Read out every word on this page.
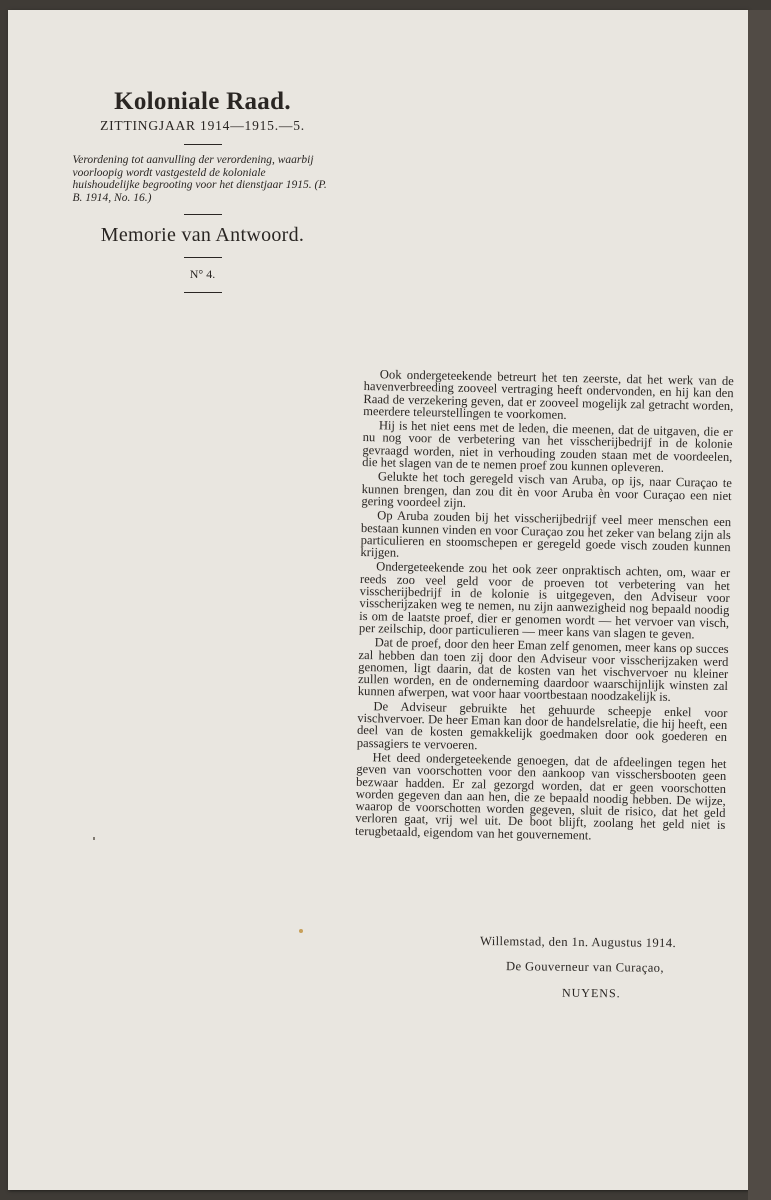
Koloniale Raad.
ZITTINGJAAR 1914—1915.—5.
Verordening tot aanvulling der verordening, waarbij voorloopig wordt vastgesteld de koloniale huishoudelijke begrooting voor het dienstjaar 1915. (P. B. 1914, No. 16.)
Memorie van Antwoord.
N° 4.

Ook ondergeteekende betreurt het ten zeerste, dat het werk van de havenverbreeding zooveel vertraging heeft ondervonden, en hij kan den Raad de verzekering geven, dat er zooveel mogelijk zal getracht worden, meerdere teleurstellingen te voorkomen.

Hij is het niet eens met de leden, die meenen, dat de uitgaven, die er nu nog voor de verbetering van het visscherijbedrijf in de kolonie gevraagd worden, niet in verhouding zouden staan met de voordeelen, die het slagen van de te nemen proef zou kunnen opleveren.

Gelukte het toch geregeld visch van Aruba, op ijs, naar Curaçao te kunnen brengen, dan zou dit èn voor Aruba èn voor Curaçao een niet gering voordeel zijn.

Op Aruba zouden bij het visscherijbedrijf veel meer menschen een bestaan kunnen vinden en voor Curaçao zou het zeker van belang zijn als particulieren en stoomschepen er geregeld goede visch zouden kunnen krijgen.

Ondergeteekende zou het ook zeer onpraktisch achten, om, waar er reeds zoo veel geld voor de proeven tot verbetering van het visscherijbedrijf in de kolonie is uitgegeven, den Adviseur voor visscherijzaken weg te nemen, nu zijn aanwezigheid nog bepaald noodig is om de laatste proef, dier er genomen wordt — het vervoer van visch, per zeilschip, door particulieren — meer kans van slagen te geven.

Dat de proef, door den heer Eman zelf genomen, meer kans op succes zal hebben dan toen zij door den Adviseur voor visscherijzaken werd genomen, ligt daarin, dat de kosten van het vischvervoer nu kleiner zullen worden, en de onderneming daardoor waarschijnlijk winsten zal kunnen afwerpen, wat voor haar voortbestaan noodzakelijk is.

De Adviseur gebruikte het gehuurde scheepje enkel voor vischvervoer. De heer Eman kan door de handelsrelatie, die hij heeft, een deel van de kosten gemakkelijk goedmaken door ook goederen en passagiers te vervoeren.

Het deed ondergeteekende genoegen, dat de afdeelingen tegen het geven van voorschotten voor den aankoop van visschersbooten geen bezwaar hadden. Er zal gezorgd worden, dat er geen voorschotten worden gegeven dan aan hen, die ze bepaald noodig hebben. De wijze, waarop de voorschotten worden gegeven, sluit de risico, dat het geld verloren gaat, vrij wel uit. De boot blijft, zoolang het geld niet is terugbetaald, eigendom van het gouvernement.

Willemstad, den 1n. Augustus 1914.
De Gouverneur van Curaçao,
NUYENS.
